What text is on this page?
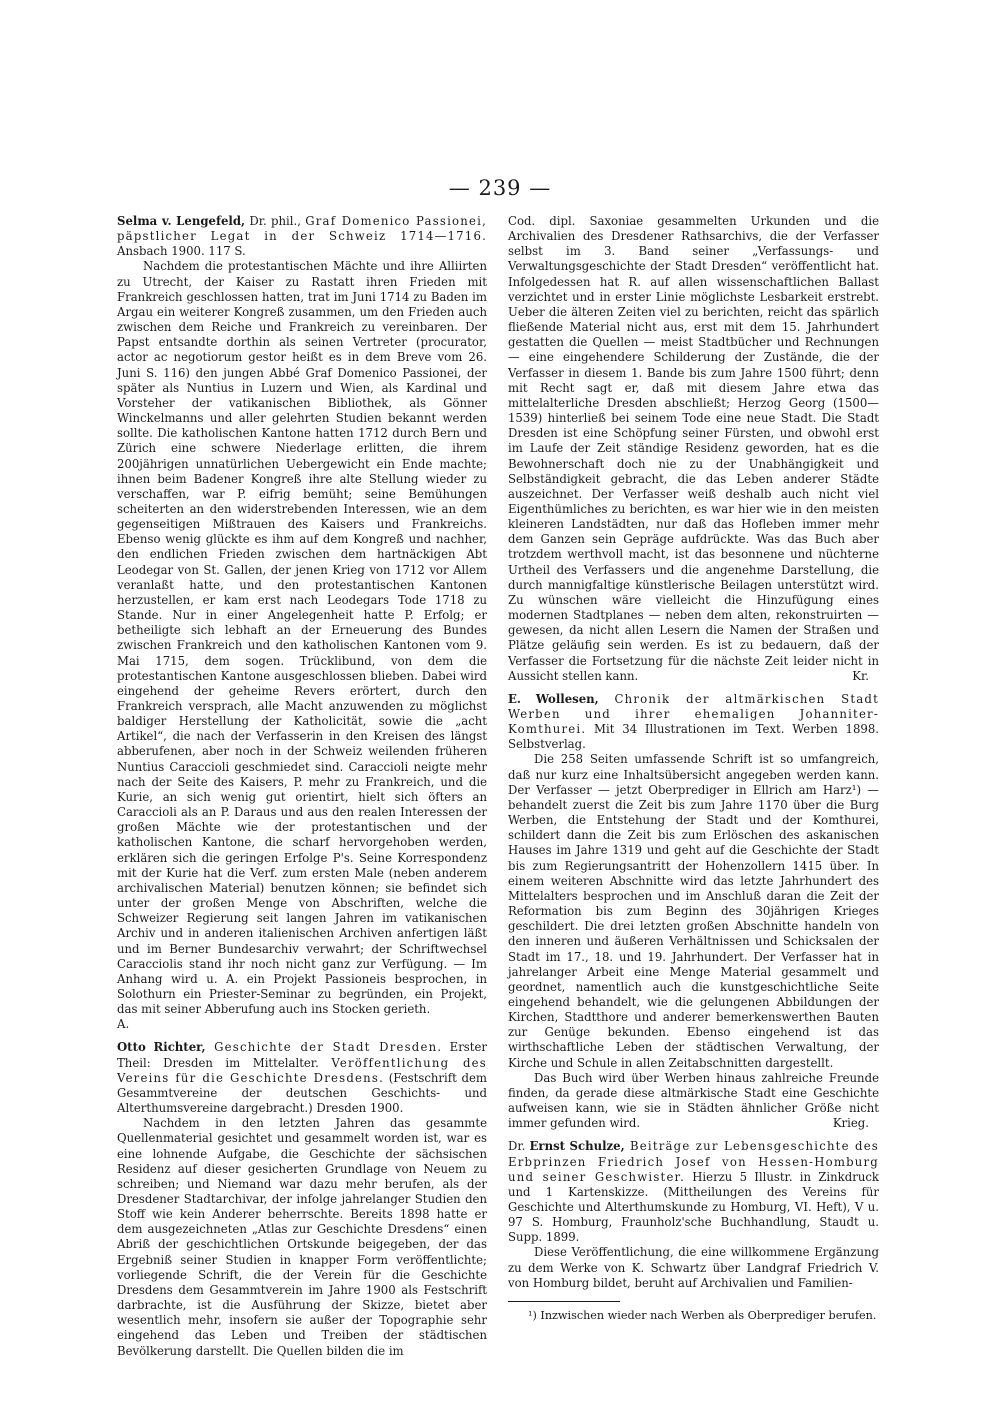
— 239 —

Selma v. Lengefeld, Dr. phil., Graf Domenico Passionei, päpstlicher Legat in der Schweiz 1714—1716. Ansbach 1900. 117 S.

Nachdem die protestantischen Mächte und ihre Alliirten zu Utrecht, der Kaiser zu Rastatt ihren Frieden mit Frankreich geschlossen hatten, trat im Juni 1714 zu Baden im Argau ein weiterer Kongreß zusammen, um den Frieden auch zwischen dem Reiche und Frankreich zu vereinbaren. Der Papst entsandte dorthin als seinen Vertreter (procurator, actor ac negotiorum gestor heißt es in dem Breve vom 26. Juni S. 116) den jungen Abbé Graf Domenico Passionei, der später als Nuntius in Luzern und Wien, als Kardinal und Vorsteher der vatikanischen Bibliothek, als Gönner Winckelmanns und aller gelehrten Studien bekannt werden sollte. Die katholischen Kantone hatten 1712 durch Bern und Zürich eine schwere Niederlage erlitten, die ihrem 200jährigen unnatürlichen Uebergewicht ein Ende machte; ihnen beim Badener Kongreß ihre alte Stellung wieder zu verschaffen, war P. eifrig bemüht; seine Bemühungen scheiterten an den widerstrebenden Interessen, wie an dem gegenseitigen Mißtrauen des Kaisers und Frankreichs. Ebenso wenig glückte es ihm auf dem Kongreß und nachher, den endlichen Frieden zwischen dem hartnäckigen Abt Leodegar von St. Gallen, der jenen Krieg von 1712 vor Allem veranlaßt hatte, und den protestantischen Kantonen herzustellen, er kam erst nach Leodegars Tode 1718 zu Stande. Nur in einer Angelegenheit hatte P. Erfolg; er betheiligte sich lebhaft an der Erneuerung des Bundes zwischen Frankreich und den katholischen Kantonen vom 9. Mai 1715, dem sogen. Trücklibund, von dem die protestantischen Kantone ausgeschlossen blieben. Dabei wird eingehend der geheime Revers erörtert, durch den Frankreich versprach, alle Macht anzuwenden zu möglichst baldiger Herstellung der Katholicität, sowie die „acht Artikel“, die nach der Verfasserin in den Kreisen des längst abberufenen, aber noch in der Schweiz weilenden früheren Nuntius Caraccioli geschmiedet sind. Caraccioli neigte mehr nach der Seite des Kaisers, P. mehr zu Frankreich, und die Kurie, an sich wenig gut orientirt, hielt sich öfters an Caraccioli als an P. Daraus und aus den realen Interessen der großen Mächte wie der protestantischen und der katholischen Kantone, die scharf hervorgehoben werden, erklären sich die geringen Erfolge P's. Seine Korrespondenz mit der Kurie hat die Verf. zum ersten Male (neben anderem archivalischen Material) benutzen können; sie befindet sich unter der großen Menge von Abschriften, welche die Schweizer Regierung seit langen Jahren im vatikanischen Archiv und in anderen italienischen Archiven anfertigen läßt und im Berner Bundesarchiv verwahrt; der Schriftwechsel Caracciolis stand ihr noch nicht ganz zur Verfügung. — Im Anhang wird u. A. ein Projekt Passioneis besprochen, in Solothurn ein Priester-Seminar zu begründen, ein Projekt, das mit seiner Abberufung auch ins Stocken gerieth.

A.

Otto Richter, Geschichte der Stadt Dresden. Erster Theil: Dresden im Mittelalter. Veröffentlichung des Vereins für die Geschichte Dresdens. (Festschrift dem Gesammtvereine der deutschen Geschichts- und Alterthumsvereine dargebracht.) Dresden 1900.

Nachdem in den letzten Jahren das gesammte Quellenmaterial gesichtet und gesammelt worden ist, war es eine lohnende Aufgabe, die Geschichte der sächsischen Residenz auf dieser gesicherten Grundlage von Neuem zu schreiben; und Niemand war dazu mehr berufen, als der Dresdener Stadtarchivar, der infolge jahrelanger Studien den Stoff wie kein Anderer beherrschte. Bereits 1898 hatte er dem ausgezeichneten „Atlas zur Geschichte Dresdens“ einen Abriß der geschichtlichen Ortskunde beigegeben, der das Ergebniß seiner Studien in knapper Form veröffentlichte; vorliegende Schrift, die der Verein für die Geschichte Dresdens dem Gesammtverein im Jahre 1900 als Festschrift darbrachte, ist die Ausführung der Skizze, bietet aber wesentlich mehr, insofern sie außer der Topographie sehr eingehend das Leben und Treiben der städtischen Bevölkerung darstellt. Die Quellen bilden die im

Cod. dipl. Saxoniae gesammelten Urkunden und die Archivalien des Dresdener Rathsarchivs, die der Verfasser selbst im 3. Band seiner „Verfassungs- und Verwaltungsgeschichte der Stadt Dresden“ veröffentlicht hat. Infolgedessen hat R. auf allen wissenschaftlichen Ballast verzichtet und in erster Linie möglichste Lesbarkeit erstrebt. Ueber die älteren Zeiten viel zu berichten, reicht das spärlich fließende Material nicht aus, erst mit dem 15. Jahrhundert gestatten die Quellen — meist Stadtbücher und Rechnungen — eine eingehendere Schilderung der Zustände, die der Verfasser in diesem 1. Bande bis zum Jahre 1500 führt; denn mit Recht sagt er, daß mit diesem Jahre etwa das mittelalterliche Dresden abschließt; Herzog Georg (1500—1539) hinterließ bei seinem Tode eine neue Stadt. Die Stadt Dresden ist eine Schöpfung seiner Fürsten, und obwohl erst im Laufe der Zeit ständige Residenz geworden, hat es die Bewohnerschaft doch nie zu der Unabhängigkeit und Selbständigkeit gebracht, die das Leben anderer Städte auszeichnet. Der Verfasser weiß deshalb auch nicht viel Eigenthümliches zu berichten, es war hier wie in den meisten kleineren Landstädten, nur daß das Hofleben immer mehr dem Ganzen sein Gepräge aufdrückte. Was das Buch aber trotzdem werthvoll macht, ist das besonnene und nüchterne Urtheil des Verfassers und die angenehme Darstellung, die durch mannigfaltige künstlerische Beilagen unterstützt wird. Zu wünschen wäre vielleicht die Hinzufügung eines modernen Stadtplanes — neben dem alten, rekonstruirten — gewesen, da nicht allen Lesern die Namen der Straßen und Plätze geläufig sein werden. Es ist zu bedauern, daß der Verfasser die Fortsetzung für die nächste Zeit leider nicht in Aussicht stellen kann.	Kr.

E. Wollesen, Chronik der altmärkischen Stadt Werben und ihrer ehemaligen Johanniter-Komthurei. Mit 34 Illustrationen im Text. Werben 1898. Selbstverlag.

Die 258 Seiten umfassende Schrift ist so umfangreich, daß nur kurz eine Inhaltsübersicht angegeben werden kann. Der Verfasser — jetzt Oberprediger in Ellrich am Harz¹) — behandelt zuerst die Zeit bis zum Jahre 1170 über die Burg Werben, die Entstehung der Stadt und der Komthurei, schildert dann die Zeit bis zum Erlöschen des askanischen Hauses im Jahre 1319 und geht auf die Geschichte der Stadt bis zum Regierungsantritt der Hohenzollern 1415 über. In einem weiteren Abschnitte wird das letzte Jahrhundert des Mittelalters besprochen und im Anschluß daran die Zeit der Reformation bis zum Beginn des 30jährigen Krieges geschildert. Die drei letzten großen Abschnitte handeln von den inneren und äußeren Verhältnissen und Schicksalen der Stadt im 17., 18. und 19. Jahrhundert. Der Verfasser hat in jahrelanger Arbeit eine Menge Material gesammelt und geordnet, namentlich auch die kunstgeschichtliche Seite eingehend behandelt, wie die gelungenen Abbildungen der Kirchen, Stadtthore und anderer bemerkenswerthen Bauten zur Genüge bekunden. Ebenso eingehend ist das wirthschaftliche Leben der städtischen Verwaltung, der Kirche und Schule in allen Zeitabschnitten dargestellt.

Das Buch wird über Werben hinaus zahlreiche Freunde finden, da gerade diese altmärkische Stadt eine Geschichte aufweisen kann, wie sie in Städten ähnlicher Größe nicht immer gefunden wird.	Krieg.

Dr. Ernst Schulze, Beiträge zur Lebensgeschichte des Erbprinzen Friedrich Josef von Hessen-Homburg und seiner Geschwister. Hierzu 5 Illustr. in Zinkdruck und 1 Kartenskizze. (Mittheilungen des Vereins für Geschichte und Alterthumskunde zu Homburg, VI. Heft), V u. 97 S. Homburg, Fraunholz'sche Buchhandlung, Staudt u. Supp. 1899.

Diese Veröffentlichung, die eine willkommene Ergänzung zu dem Werke von K. Schwartz über Landgraf Friedrich V. von Homburg bildet, beruht auf Archivalien und Familien-

¹) Inzwischen wieder nach Werben als Oberprediger berufen.
